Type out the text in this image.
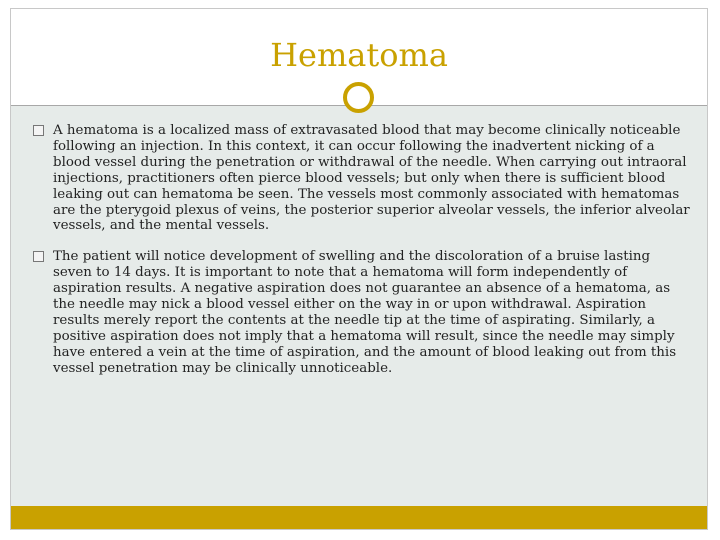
Hematoma
A hematoma is a localized mass of extravasated blood that may become clinically noticeable following an injection. In this context, it can occur following the inadvertent nicking of a blood vessel during the penetration or withdrawal of the needle. When carrying out intraoral injections, practitioners often pierce blood vessels; but only when there is sufficient blood leaking out can hematoma be seen. The vessels most commonly associated with hematomas are the pterygoid plexus of veins, the posterior superior alveolar vessels, the inferior alveolar vessels, and the mental vessels.
The patient will notice development of swelling and the discoloration of a bruise lasting seven to 14 days. It is important to note that a hematoma will form independently of aspiration results. A negative aspiration does not guarantee an absence of a hematoma, as the needle may nick a blood vessel either on the way in or upon withdrawal. Aspiration results merely report the contents at the needle tip at the time of aspirating. Similarly, a positive aspiration does not imply that a hematoma will result, since the needle may simply have entered a vein at the time of aspiration, and the amount of blood leaking out from this vessel penetration may be clinically unnoticeable.
